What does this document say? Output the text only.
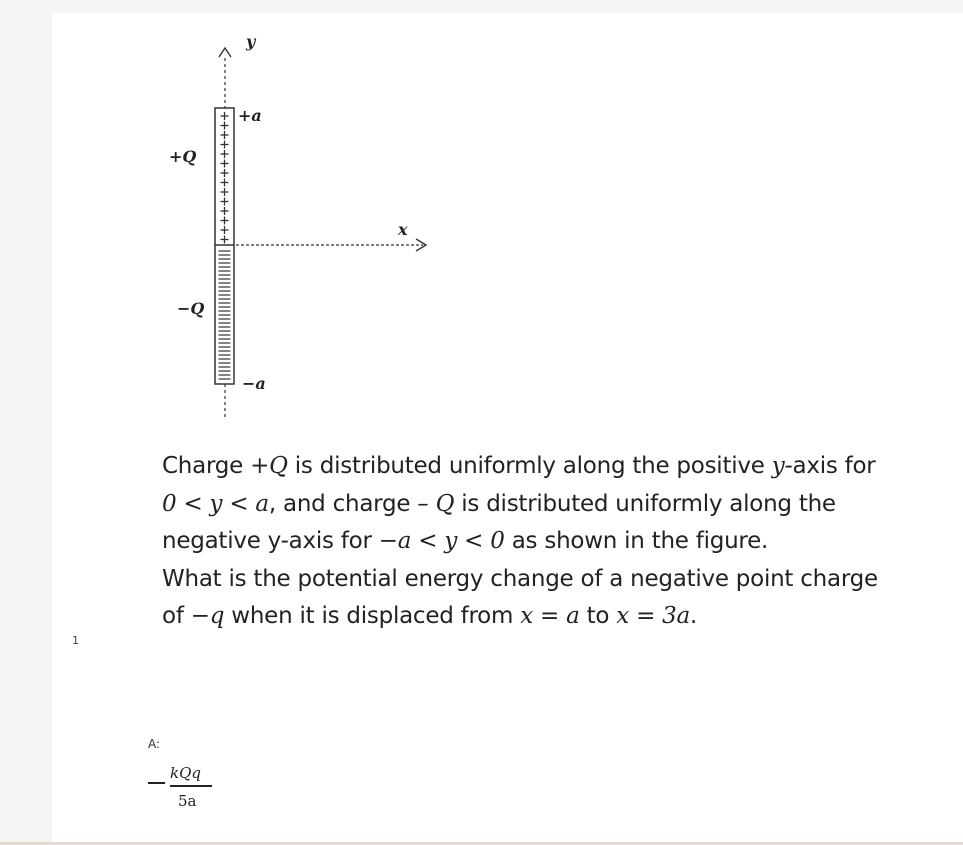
1
y
+a
+Q
x
−Q
−a

Charge +Q is distributed uniformly along the positive y-axis for 0 < y < a, and charge – Q is distributed uniformly along the negative y-axis for −a < y < 0 as shown in the figure.

What is the potential energy change of a negative point charge of −q when it is displaced from x = a to x = 3a.

A:
kQq
5a
